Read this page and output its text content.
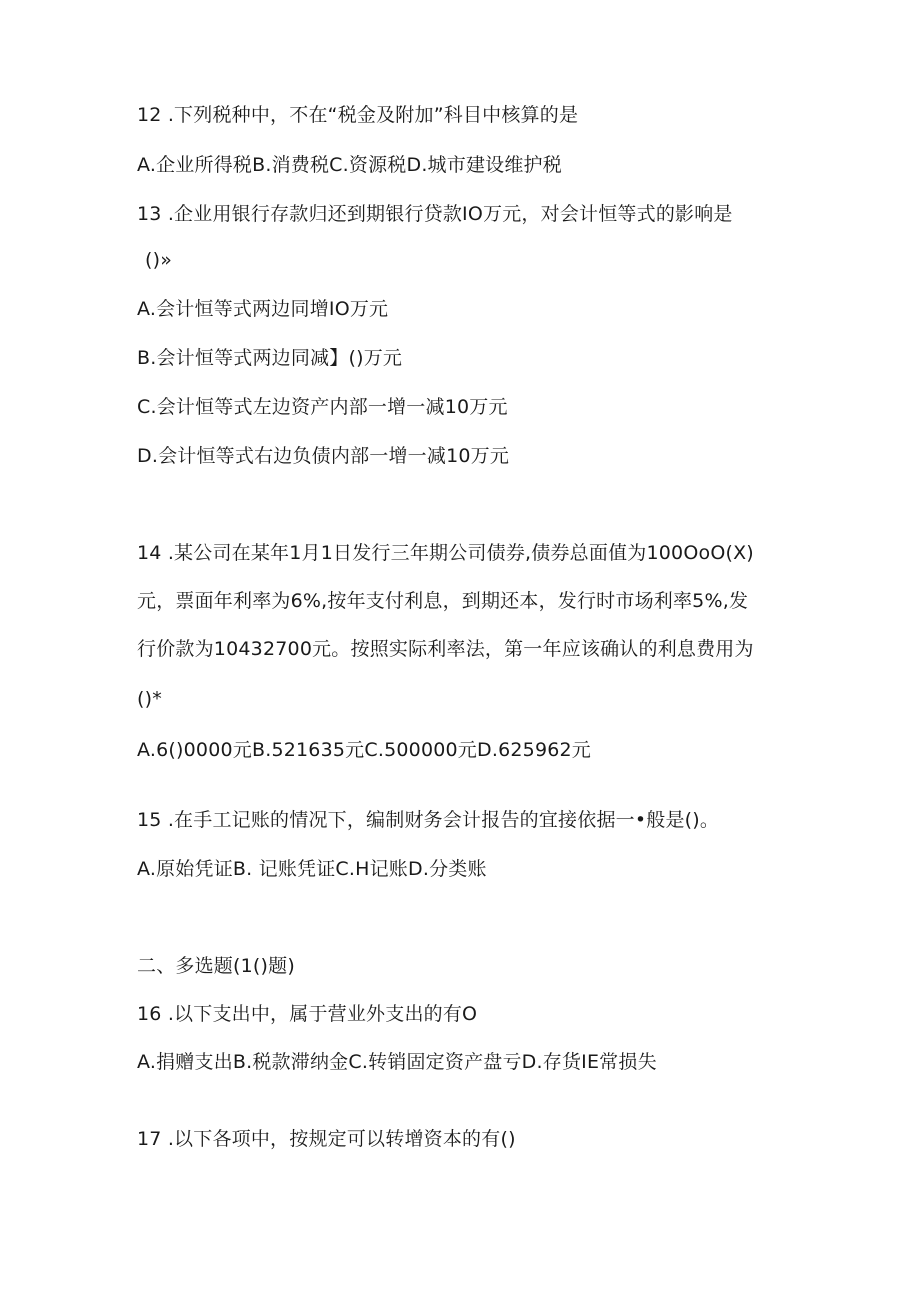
12 .下列税种中，不在“税金及附加”科目中核算的是
A.企业所得税B.消费税C.资源税D.城市建设维护税
13 .企业用银行存款归还到期银行贷款IO万元，对会计恒等式的影响是
()»
A.会计恒等式两边同增IO万元
B.会计恒等式两边同减】()万元
C.会计恒等式左边资产内部一增一减10万元
D.会计恒等式右边负债内部一增一减10万元
14 .某公司在某年1月1日发行三年期公司债券,债券总面值为100OoO(X)
元，票面年利率为6%,按年支付利息，到期还本，发行时市场利率5%,发
行价款为10432700元。按照实际利率法，第一年应该确认的利息费用为
()*
A.6()0000元B.521635元C.500000元D.625962元
15 .在手工记账的情况下，编制财务会计报告的宜接依据一•般是()。
A.原始凭证B. 记账凭证C.H记账D.分类账
二、多选题(1()题)
16 .以下支出中，属于营业外支出的有O
A.捐赠支出B.税款滞纳金C.转销固定资产盘亏D.存货IE常损失
17 .以下各项中，按规定可以转增资本的有()
